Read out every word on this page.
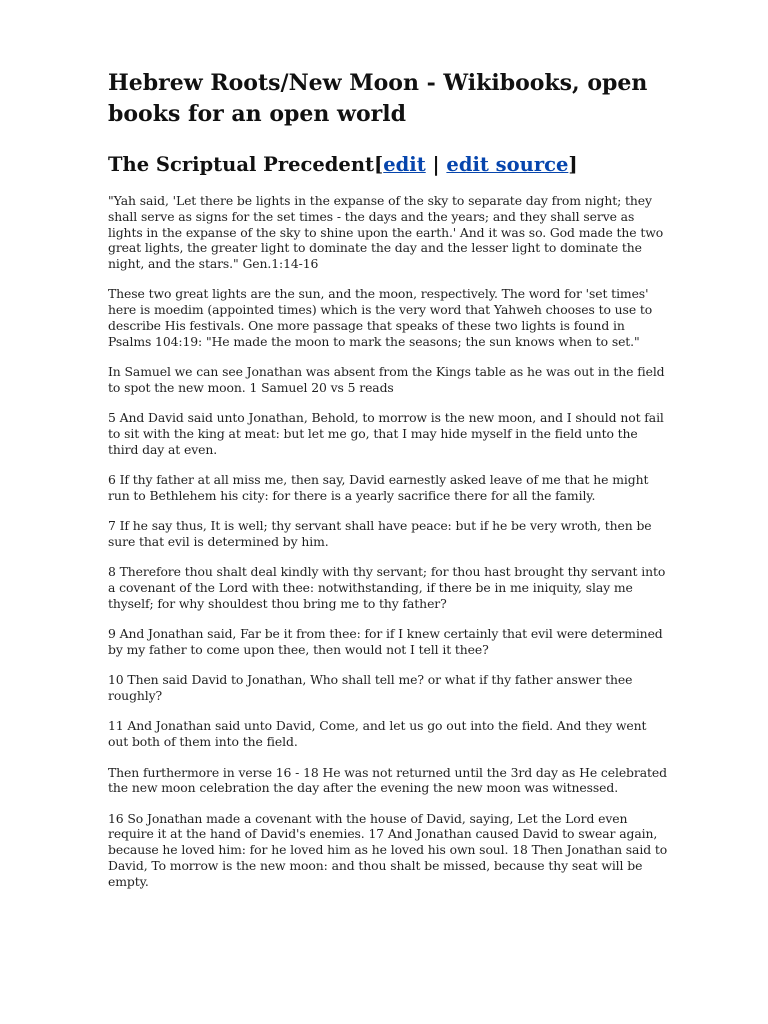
Hebrew Roots/New Moon - Wikibooks, open books for an open world
The Scriptual Precedent[edit | edit source]

"Yah said, 'Let there be lights in the expanse of the sky to separate day from night; they shall serve as signs for the set times - the days and the years; and they shall serve as lights in the expanse of the sky to shine upon the earth.' And it was so. God made the two great lights, the greater light to dominate the day and the lesser light to dominate the night, and the stars." Gen.1:14-16

These two great lights are the sun, and the moon, respectively. The word for 'set times' here is moedim (appointed times) which is the very word that Yahweh chooses to use to describe His festivals. One more passage that speaks of these two lights is found in Psalms 104:19: "He made the moon to mark the seasons; the sun knows when to set."

In Samuel we can see Jonathan was absent from the Kings table as he was out in the field to spot the new moon. 1 Samuel 20 vs 5 reads

5 And David said unto Jonathan, Behold, to morrow is the new moon, and I should not fail to sit with the king at meat: but let me go, that I may hide myself in the field unto the third day at even.

6 If thy father at all miss me, then say, David earnestly asked leave of me that he might run to Bethlehem his city: for there is a yearly sacrifice there for all the family.

7 If he say thus, It is well; thy servant shall have peace: but if he be very wroth, then be sure that evil is determined by him.

8 Therefore thou shalt deal kindly with thy servant; for thou hast brought thy servant into a covenant of the Lord with thee: notwithstanding, if there be in me iniquity, slay me thyself; for why shouldest thou bring me to thy father?

9 And Jonathan said, Far be it from thee: for if I knew certainly that evil were determined by my father to come upon thee, then would not I tell it thee?

10 Then said David to Jonathan, Who shall tell me? or what if thy father answer thee roughly?

11 And Jonathan said unto David, Come, and let us go out into the field. And they went out both of them into the field.

Then furthermore in verse 16 - 18 He was not returned until the 3rd day as He celebrated the new moon celebration the day after the evening the new moon was witnessed.

16 So Jonathan made a covenant with the house of David, saying, Let the Lord even require it at the hand of David's enemies. 17 And Jonathan caused David to swear again, because he loved him: for he loved him as he loved his own soul. 18 Then Jonathan said to David, To morrow is the new moon: and thou shalt be missed, because thy seat will be empty.
